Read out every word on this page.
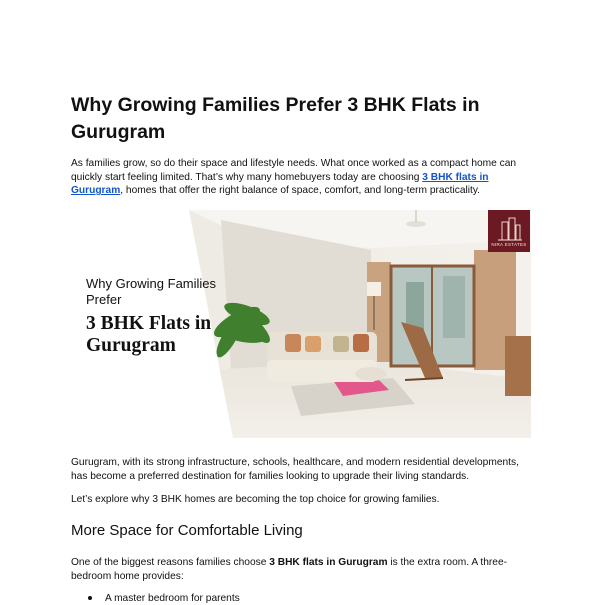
Why Growing Families Prefer 3 BHK Flats in Gurugram

As families grow, so do their space and lifestyle needs. What once worked as a compact home can quickly start feeling limited. That’s why many homebuyers today are choosing 3 BHK flats in Gurugram, homes that offer the right balance of space, comfort, and long-term practicality.

Why Growing Families Prefer

3 BHK Flats in Gurugram

NIRA ESTATES

Gurugram, with its strong infrastructure, schools, healthcare, and modern residential developments, has become a preferred destination for families looking to upgrade their living standards.

Let’s explore why 3 BHK homes are becoming the top choice for growing families.

More Space for Comfortable Living

One of the biggest reasons families choose 3 BHK flats in Gurugram is the extra room. A three-bedroom home provides:

A master bedroom for parents
